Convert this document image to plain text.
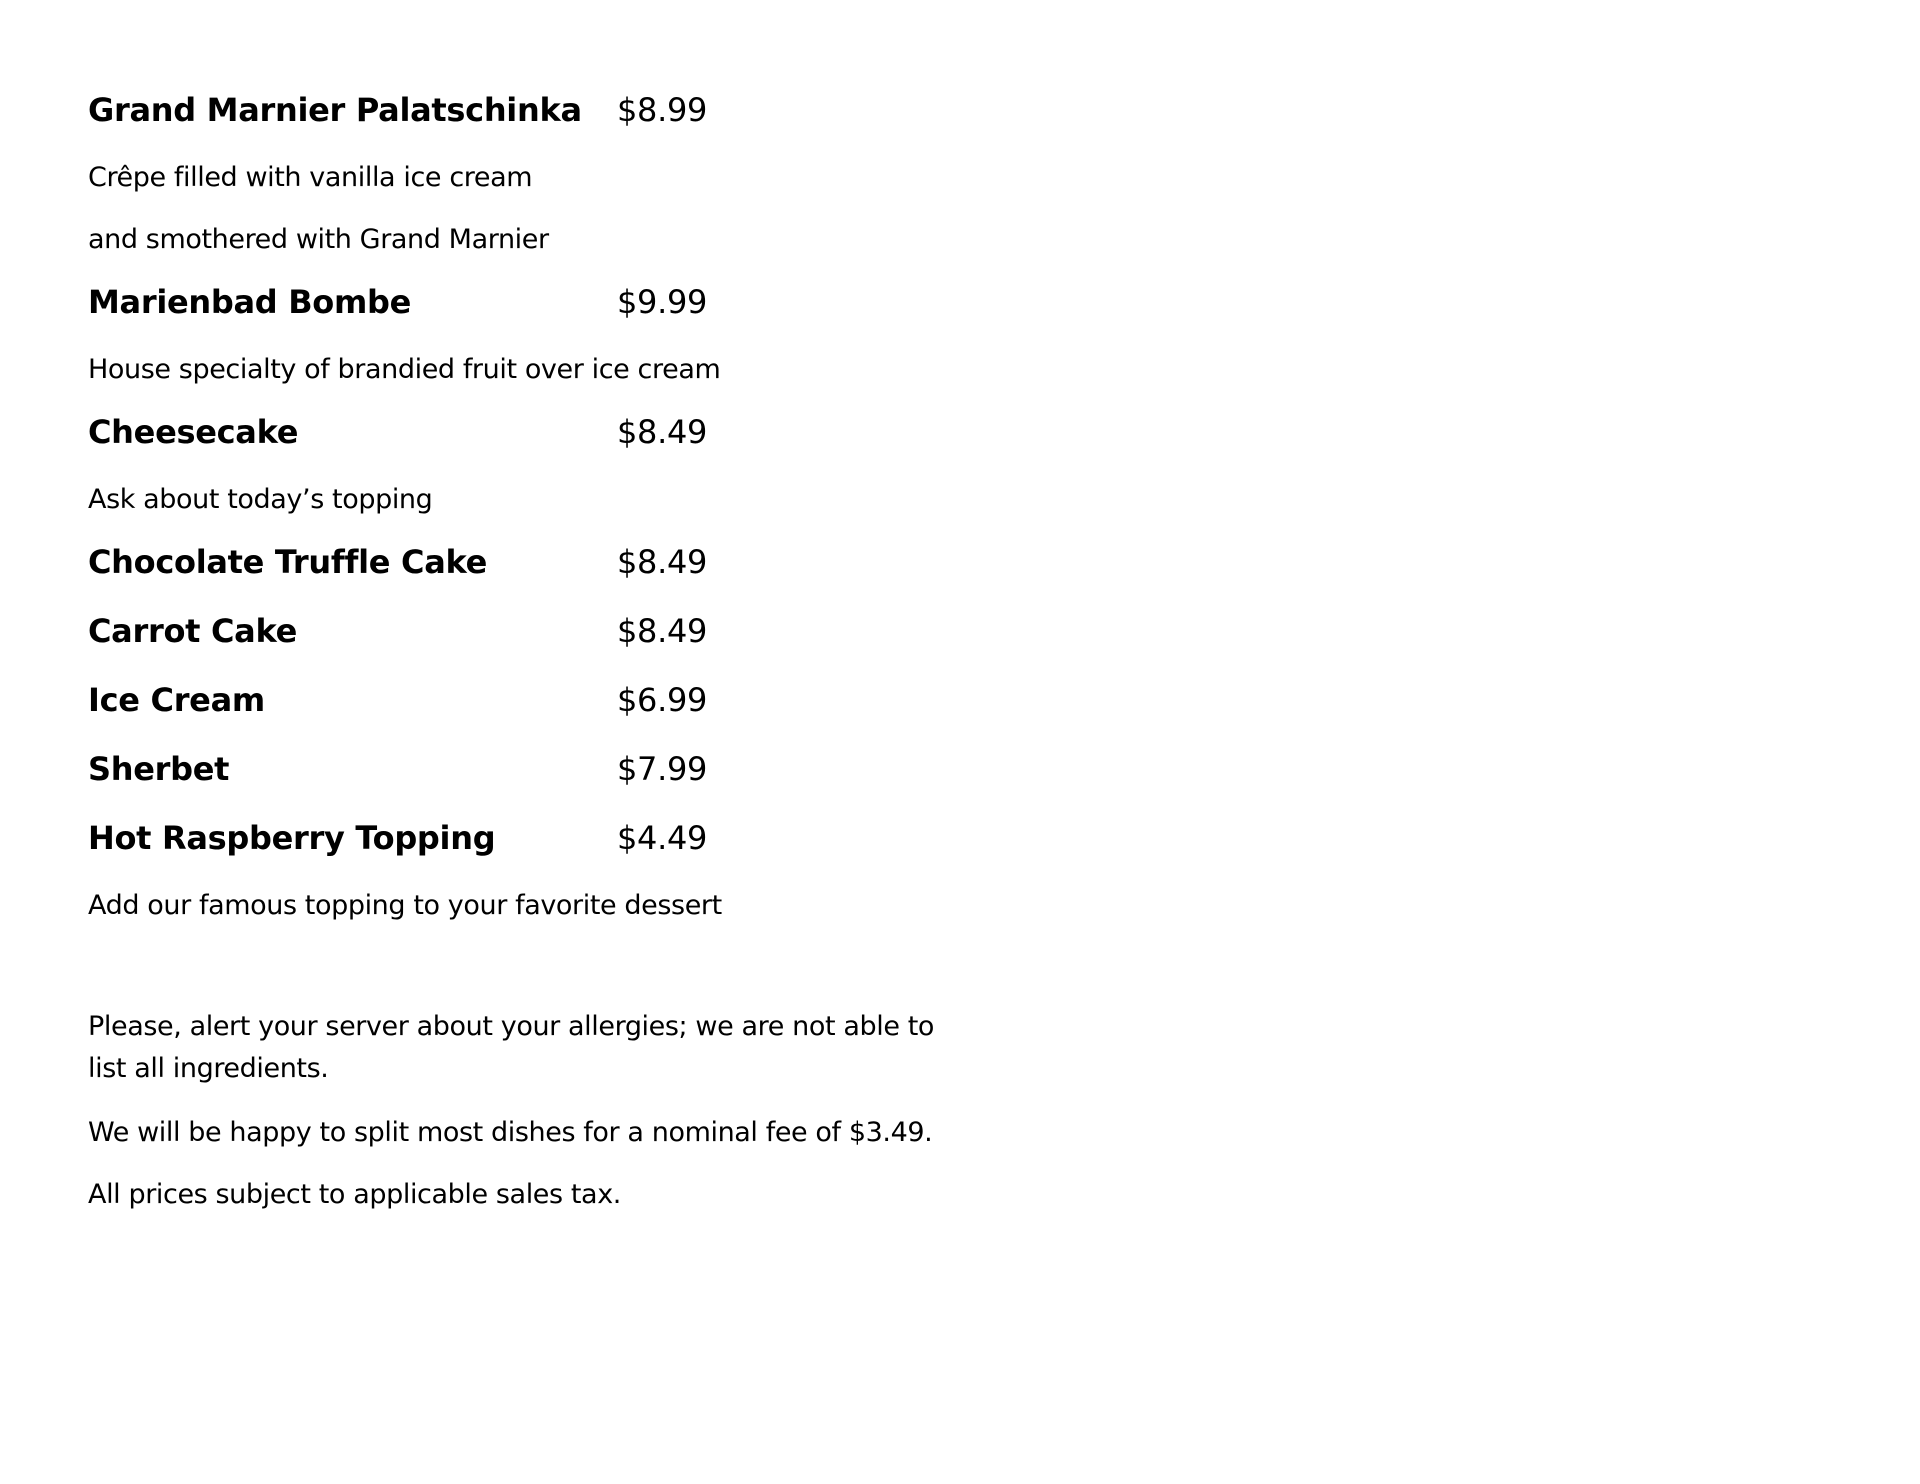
Grand Marnier Palatschinka $8.99
Crêpe filled with vanilla ice cream
and smothered with Grand Marnier
Marienbad Bombe	$9.99
House specialty of brandied fruit over ice cream
Cheesecake	$8.49
Ask about today’s topping
Chocolate Truffle Cake	$8.49
Carrot Cake	$8.49
Ice Cream	$6.99
Sherbet	$7.99
Hot Raspberry Topping	$4.49
Add our famous topping to your favorite dessert
Please, alert your server about your allergies; we are not able to list all ingredients.
We will be happy to split most dishes for a nominal fee of $3.49.
All prices subject to applicable sales tax.
